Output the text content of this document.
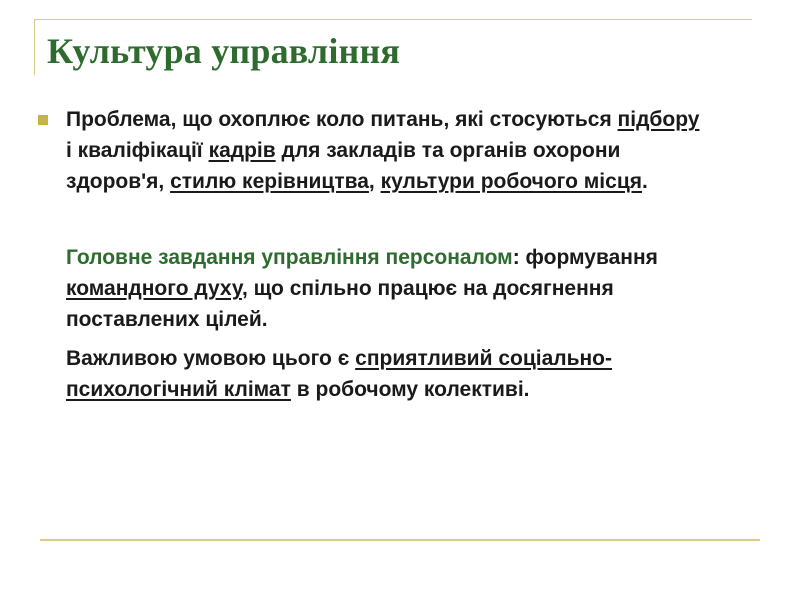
Культура управління

Проблема, що охоплює коло питань, які стосуються підбору і кваліфікації кадрів для закладів та органів охорони здоров'я, стилю керівництва, культури робочого місця.

Головне завдання управління персоналом: формування командного духу, що спільно працює на досягнення поставлених цілей.

Важливою умовою цього є сприятливий соціально-психологічний клімат в робочому колективі.
